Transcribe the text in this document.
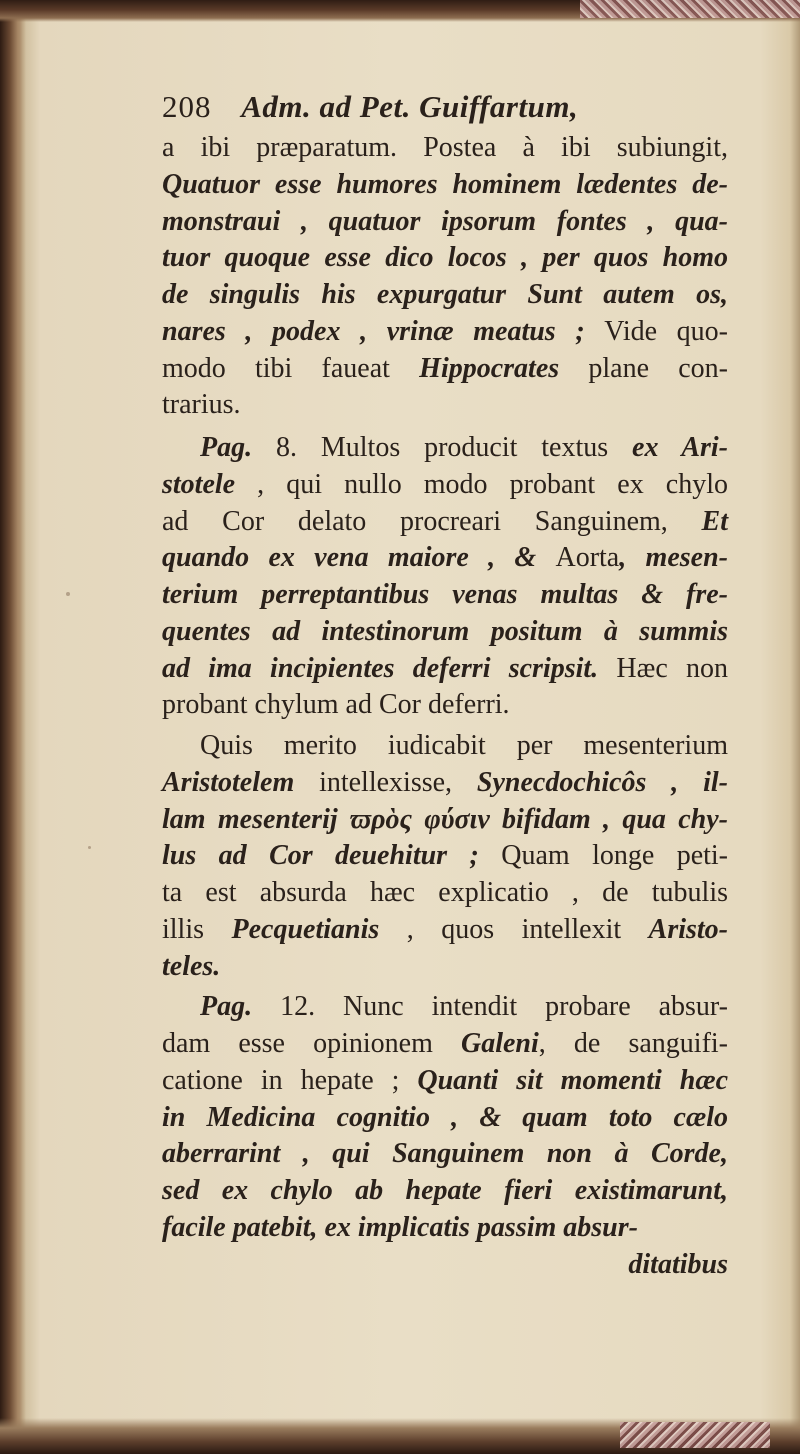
208 Adm. ad Pet. Guiffartum,
a ibi præparatum. Postea à ibi subiungit,
Quatuor esse humores hominem lædentes de-
monstraui , quatuor ipsorum fontes , qua-
tuor quoque esse dico locos , per quos homo
de singulis his expurgatur Sunt autem os,
nares , podex , vrinæ meatus ; Vide quo-
modo tibi faueat Hippocrates plane con-
trarius.
Pag. 8. Multos producit textus ex Ari-
stotele , qui nullo modo probant ex chylo
ad Cor delato procreari Sanguinem, Et
quando ex vena maiore , & Aorta, mesen-
terium perreptantibus venas multas & fre-
quentes ad intestinorum positum à summis
ad ima incipientes deferri scripsit. Hæc non
probant chylum ad Cor deferri.
Quis merito iudicabit per mesenterium
Aristotelem intellexisse, Synecdochicôs , il-
lam mesenterij ϖρὸς φύσιν bifidam , qua chy-
lus ad Cor deuehitur ; Quam longe peti-
ta est absurda hæc explicatio , de tubulis
illis Pecquetianis , quos intellexit Aristo-
teles.
Pag. 12. Nunc intendit probare absur-
dam esse opinionem Galeni, de sanguifi-
catione in hepate ; Quanti sit momenti hæc
in Medicina cognitio , & quam toto cælo
aberrarint , qui Sanguinem non à Corde,
sed ex chylo ab hepate fieri existimarunt,
facile patebit, ex implicatis passim absur-
ditatibus
